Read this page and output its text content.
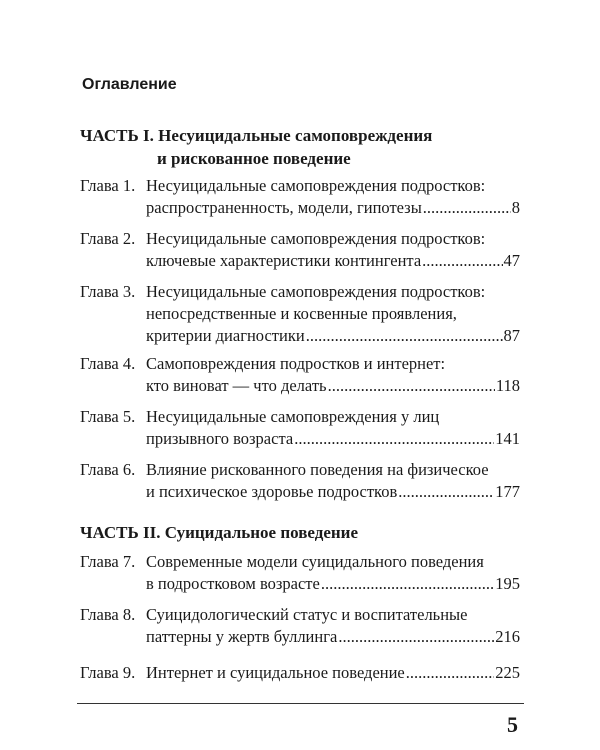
Оглавление
ЧАСТЬ I. Несуицидальные самоповреждения
и рискованное поведение
Глава 1. Несуицидальные самоповреждения подростков:
распространенность, модели, гипотезы .....	8
Глава 2. Несуицидальные самоповреждения подростков:
ключевые характеристики контингента .....	47
Глава 3. Несуицидальные самоповреждения подростков:
непосредственные и косвенные проявления,
критерии диагностики .....	87
Глава 4. Самоповреждения подростков и интернет:
кто виноват — что делать .....	118
Глава 5. Несуицидальные самоповреждения у лиц
призывного возраста .....	141
Глава 6. Влияние рискованного поведения на физическое
и психическое здоровье подростков .....	177
ЧАСТЬ II. Суицидальное поведение
Глава 7. Современные модели суицидального поведения
в подростковом возрасте .....	195
Глава 8. Суицидологический статус и воспитательные
паттерны у жертв буллинга .....	216
Глава 9. Интернет и суицидальное поведение .....	225
5
